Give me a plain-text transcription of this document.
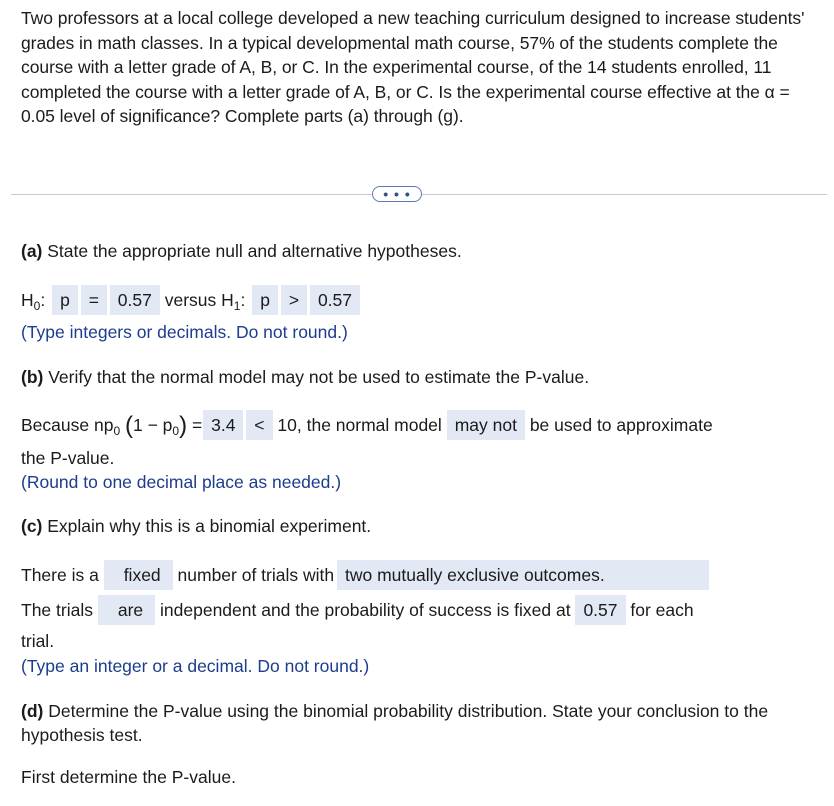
Two professors at a local college developed a new teaching curriculum designed to increase students' grades in math classes. In a typical developmental math course, 57% of the students complete the course with a letter grade of A, B, or C. In the experimental course, of the 14 students enrolled, 11 completed the course with a letter grade of A, B, or C. Is the experimental course effective at the α = 0.05 level of significance? Complete parts (a) through (g).
• • •
(a) State the appropriate null and alternative hypotheses.
$H_0$: p = 0.57 versus $H_1$: p > 0.57
(Type integers or decimals. Do not round.)
(b) Verify that the normal model may not be used to estimate the P-value.
Because $np_0$ $(1 - p_0) = 3.4 < 10$, the normal model may not be used to approximate
the P-value.
(Round to one decimal place as needed.)
(c) Explain why this is a binomial experiment.
There is a fixed number of trials with two mutually exclusive outcomes.
The trials are independent and the probability of success is fixed at 0.57 for each
trial.
(Type an integer or a decimal. Do not round.)
(d) Determine the P-value using the binomial probability distribution. State your conclusion to the hypothesis test.
First determine the P-value.
